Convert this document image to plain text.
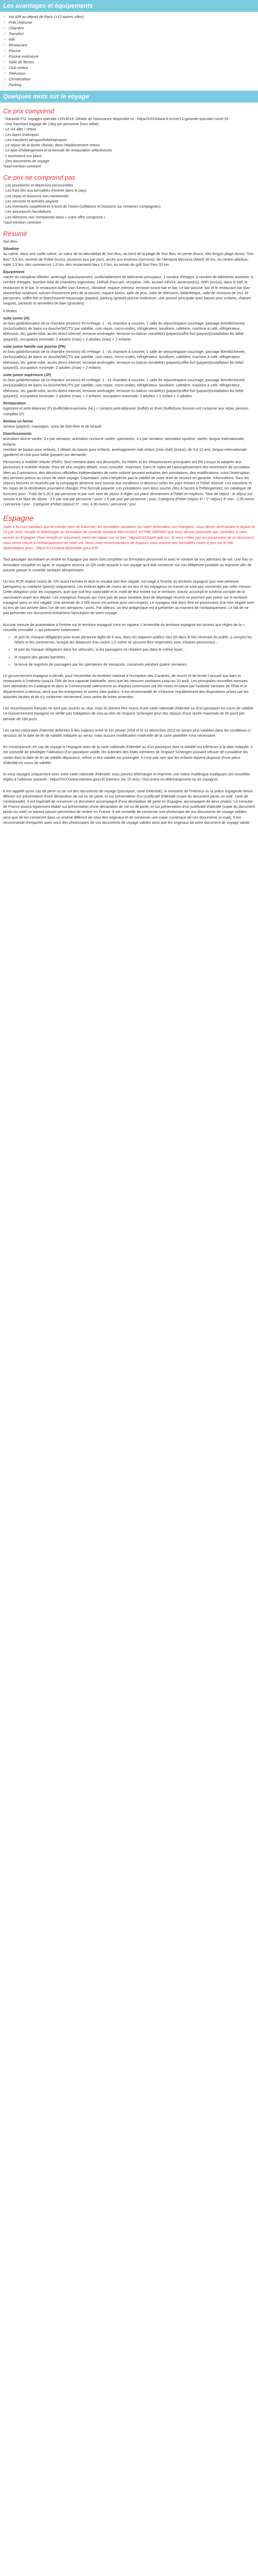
Les avantages et équipements
✓ Vol A/R au départ de Paris (+13 autres villes)
✓ Petit Déjeuner
✓ Chambre
✓ Transfert
✓ Wifi
✓ Restaurant
✓ Piscine
✓ Piscine extérieure
✓ Salle de fitness
✓ Club enfant
✓ Télévision
✓ Climatisation
✓ Parking
Quelques mots sur le voyage
Ce prix comprend
- Garantie F11 Voyages spéciale COVID19. Détails de l'assurance disponible ici : https//XXXXwww.fr.ecrire/13-garantie-speciale-covid-19
- Une franchise bagage de 13kg par personne (hors bébé)
- Le vol aller / retour
- Les taxes d'aéroport
- Les transferts aéroport/hôtel/aéroport
- Le séjour de la durée choisie, dans l'établissement retenu
- Le type d'hébergement et la formule de restauration sélectionnés
- L'assistance sur place
- Des documents de voyage
*sauf mention contraire
Ce prix ne comprend pas
- Les pourboires et dépenses personnelles
- Les frais liés aux formalités d'entrée dans le pays
- Les repas et boissons non mentionnés
- Les services et activités payants
- Les éventuels suppléments à bord de l'avion (collations et boissons sur certaines compagnies)
- Les assurances facultatives
- Les éléments non mentionnés dans « notre offre comprend »
*sauf mention contraire
Résumé

Son Bou

Situation
au calme, dans une ruelle calme, au cœur de la naturalidad de Son Bou, au bord de la plage de Son Bou, en pente douce, très longue plage dunes "Son Bou" 3,5 km, ouverte de l'hôtel (inclus, plusieurs bus par jour), accès aux environs (services) 'de l'aéroport Menorca (MAH) 35 km, du centre-ville/bus-halte 1,5 km, des commerces 1,5 km, des restaurants bars 1,5 km, du terrain de golf Son Parc 53 km

Équipement
nature du complexe hôtelier: aménagé spacieusement, confortablement de bâtiments principaux: 1 nombre d'étages: 3 nombre de bâtiments annexes: 6, nombre d'étages. Nombre total de chambres logements: 144hall d'accueil, réception, 24h, accueil 24h/24, ascenseur(s), WIFI (inclus), dans le hall, le restaurant et le bar. le restaurant buffet (non fumeur), climatisé, espace intérieur, terrasse-snack-bar et bar. Le bar-piscine, bar et le restaurant bar (bar-piscine/bar-solarium) suivant-d'ouverture près de la piscine, espace loisirs, salle de jeux, salle de télévision, bibliothèque, salle de réunions de (ex) 16 personnes, coffre-fort et blanchisserie-repassage (payant), parking (gratuit) piscine extérieure, une piscine principale avec bassin pour enfants, chaises longues, parasols et serviettes de bain (gratuites)

6 étoiles

suite junior (H)
en bois goldinfomation de la chambre (environ) 45 m²étage: 1 - 41 chambre à coucher, 1 salle de séjour/espace couchage, passage lit/enlit/chevets (inclus)salle(s) de bains ou douche/WC/TV par satellite, coin repos, micro-ondes, réfrigérateur, bouilloire, cafetière, machine à café, réfrigérateur, télévision, lits, garde-robe, accès direct internet, terrasse aménagée, terrasse ou balcon meublé(e) (payant)coffre-fort (payant)(installation lits bébé (payant)), occupation minimale: 2 adultes (max) + 2 adultes (max) + 2 enfants

suite junior famille vue piscine (FR)
en bois goldinfomation de la chambre (environ) 45 m²étage: 1 - 41 chambre à coucher, 1 salle de séjour/espace couchage, passage lit/enlit/chevets (inclus)salle(s) de bains ou douche/WC/TV par satellite, coin repos, micro-ondes, réfrigérateur, bouilloire, cafetière, machine à café, réfrigérateur, télévision, lits, garde-robe, accès direct internet, terrasse aménagée, terrasse ou balcon meublé(e) (payant)coffre-fort (payant)(installation lits bébé (payant)), occupation minimale: 2 adultes (max) + 2 enfants

suite junior supérieure (JP)
en bois goldinfomation de la chambre (environ) 45 m²étage: 1 - 41 chambre à coucher, 1 salle de séjour/espace couchage, passage lit/enlit/chevets (inclus)salle(s) de bains ou douche/WC/TV par satellite, coin repos, micro-ondes, réfrigérateur, bouilloire, cafetière, machine à café, réfrigérateur, télévision, lits, garde-robe, accès direct internet, terrasse aménagée, terrasse ou balcon meublé(e) (payant)coffre-fort (payant)(installation lits bébé (payant)), occupation minimale: 2 adultes (max) + 2 enfants, occupation maximale: 3 adultes + 1 enfant + 2 adultes

Restauration
logement et petit-déjeuner (F) (buffet)demi-pension (HL) = compris petit-déjeuner (buffet) et dîner (buffet)une boisson est comprise aux repas pension complète (P)

Remise en forme
service (payant): massages; soins de bien-être et de beauté

Divertissements
animation diurne variée, 3 x par semaine; animation nocturne variée, spectacles, 3 x par semaine; animation sportive, variée, langue internationale; Enfants
membre de bassin pour enfants; 1 détails du bassin pour enfants; aménagement club enfant (mini club) (inclus), de 4 à 12 ans, langue internationale (garderie) et club pour bébé (payant) sur demande

Personnes à mobilité réduite (PMR): Seul membre dans nos descriptifs, les hôtels et les infrastructures principales ont été conçus et adaptés aux personnes à mobilité réduite. Pour de plus amples détails, nous consulter. Important: Dans le cadre de l'assouplissement des restrictions de circulation liées au Coronavirus, des décisions officielles indépendantes de notre volonté peuvent entraîner des annulations, des modifications, voire l'interruption des services prévus au cours de votre voyage. Cependant, cela n'empêche pas la validité de votre droit de recours en garantie. Informations: Tous les séjours facturés et réservés par la compagnie aérienne sont soumis aux conditions ci-dessous selon les pays entrant et l'hôtel réservé. Les transferts et les repas de la destination pourraient changer. Prix formule payante: Les prestations sont donc soumis (lits) à l'accès à l'hébergement. Un catalogue de formules pour : Frais de 5,20 € par personne et par nuit: taxe de séjour à régler sur place directement à l'hôtel en espèces. Taxe de séjour : le séjour est soumis à la Taxe de séjour : 2 € par nuit par personne / pour: 1 € par jour par personne / pour: Catégorie d'hôtel (séjour 4* / 1* séjour) 4* min : 2,00 euros / personne / jour - Catégorie d'hôtel (séjour) 5* : min. 4,00 euros / personne / jour

Espagne

Suite à la crise sanitaire que le monde vient de traverser, les formalités sanitaires sur votre destination ont changées. Vous devez dorénavant et depuis le 21 juin 2021 remplir et télécharger un formulaire de contrôle sanitaire 48H AVANT VOTRE DÉPART que vous devrez présenter aux contrôles à votre arrivée en Espagne. Pour remplir ce document, merci de cliquer sur ce lien : https//XXXXspth.gob.es/. Si vous n'êtes pas en possession de ce document, vous serez refusé à l'embarquement de votre vol. Nous vous recommandons de toujours vous assurer des formalités mises à jour sur le site diplomatique gouv : https//XXXXwww.diplomatie.gouv.fr/fr/

Tout passager souhaitant se rendre en Espagne par avion doit compléter un formulaire personnel et avec le nombre de vos adresses de vol. Une fois ce formulaire complété en ligne, le voyageur recevra un QR code associé à son voyage qu'il doit conserver sur son téléphone portable ou imprimer afin de pouvoir passer le contrôle sanitaire aéroportuaire.

Un test PCR réalisé moins de 72h avant l'arrivée et dont le résultat doit être négatif, est exigé à l'entrée du territoire espagnol (par voie aérienne (aéroports) ou maritime (ports)) uniquement. Les enfants âgés de moins de six ans et les voyageurs en transit ne sont pas concernés par cette mesure. Cette obligation pour les voyageurs, quel que soit leur nationalité et le motif de leur entrée sur le territoire, d'avoir accompli le schéma complet de la vaccination avant leur départ. Les voyageurs français qui n'ont pas de pass sanitaire (test de dépistage récent) ne pourront pas entrer sur le territoire espagnol sans un test négatif. Une amende de 3 000 euros est prévue pour non-respect. Le voyageur doit donc être en possession d'un test négatif avec lui lors de son arrivée dans l'un de ses aéroports / ports. Par ailleurs, un test antigénique est à présenter au moment de l'embarquement. Le fait de ne pas présenter ces documents entraînera l'annulation de votre voyage.

Aucune mesure de quarantaine à l'entrée sur le territoire espagnol n'est en vigueur. L'ensemble du territoire espagnol est soumis aux règles de la « nouvelle normalité », qui prévoient notamment :

• le port du masque obligatoire pour toute personne âgée de 6 ans, dans les espaces publics clos (et dans le lieu recevant du public, y compris les hôtels et les commerces, lorsque les distances d'au moins 1,5 mètre ne peuvent être respectées avec d'autres personnes) ;
• le port du masque obligatoire dans les véhicules, si les passagers ne résident pas dans le même foyer ;
• le respect des gestes barrières ;
• la tenue de registres de passagers par les opérateurs de transports, conservés pendant quatre semaines.

Le gouvernement espagnol a décidé, pour l'ensemble du territoire national à l'exception des Canaries, de rouvrir et de limiter l'accueil aux bars et restaurants à l'intérieur jusqu'à 75% de leur capacité habituelle, ainsi que les mesures sanitaires jusqu'au 20 août. Les principales nouvelles mesures sont attendues en Catalogne et dans la Communauté valencienne ou d'autres communes ont été mises en place par l'autorité sanitaire de l'État et le département ci-dessus, ainsi que les entreprises et autres sites publics. Il est recommandé de s'informer régulièrement des dispositions prises par les autorités locales et de s'y conformer strictement, sous peine de fortes amendes.

Les ressortissants français ne sont pas soumis au visa, mais ils doivent être munis d'une carte nationale d'identité ou d'un passeport en cours de validité. Le Gouvernement espagnol ne vérifie pas l'obligation de visa au titre de l'espace Schengen pour des séjours d'une durée maximale de 90 jours par période de 180 jours.

Les cartes nationales d'identité délivrées à des majeurs entre le 1er janvier 2004 et le 31 décembre 2013 ne seront plus valables dans les conditions ci-dessous de la date de fin de validité indiquée au verso, mais aucune modification matérielle de la carte plastifiée n'est nécessaire.

En conséquence, en cas de voyage à l'espagne avec de la carte nationale d'identité ou d'un passeport dont la validité est inférieure à la date indiquée, il est conseillé de privilégier l'utilisation d'un passeport valide, les autorités des Etats membres de l'espace Schengen pouvant refuser de considérer les cartes dont la date de fin de validité dépassent, même si leur validité est prolongée. Il n'est pas rare que les enfants doivent disposer d'une pièce d'identité en cours de validité.

Si vous voyagez uniquement avec votre carte nationale d'identité, vous pouvez télécharger et imprimer une notice multilingue expliquant ces nouvelles règles à l'adresse suivante : https//XXXXwww.interieur.gouv.fr/ Interieur (ex 15 ans) / Document en téléchargement ou en espagnol.

Il est rappelé qu'en cas de perte ou de vol des documents de voyage (passeport, carte d'identité), le ministère de l'intérieur ou la police espagnole devra délivrer sur présentation d'une déclaration de vol ou de perte, et sur présentation d'un justificatif d'identité (copie du document perdu ou volé, carte de l'ambassade). Il est impératif de conserver ce document accompagné d'une déclaration de perte en Espagne, accompagné de deux photos. Le consulat de France pourra également établir sur présentation d'une déclaration de vol ou de perte, et sur présentation d'un justificatif d'identité (copie du document perdu ou volé) un laissez-passer permettant de rentrer en France. Il est conseillé de conserver une photocopie de vos documents de voyage valides ainsi que de les conserver dans un endroit différent de celui des originaux et de conserver une copie numérique de ces documents (e-mail). Il est recommandé d'emporter avec vous des photocopies de vos documents de voyage valides ainsi que les originaux de votre document de voyage valide.
